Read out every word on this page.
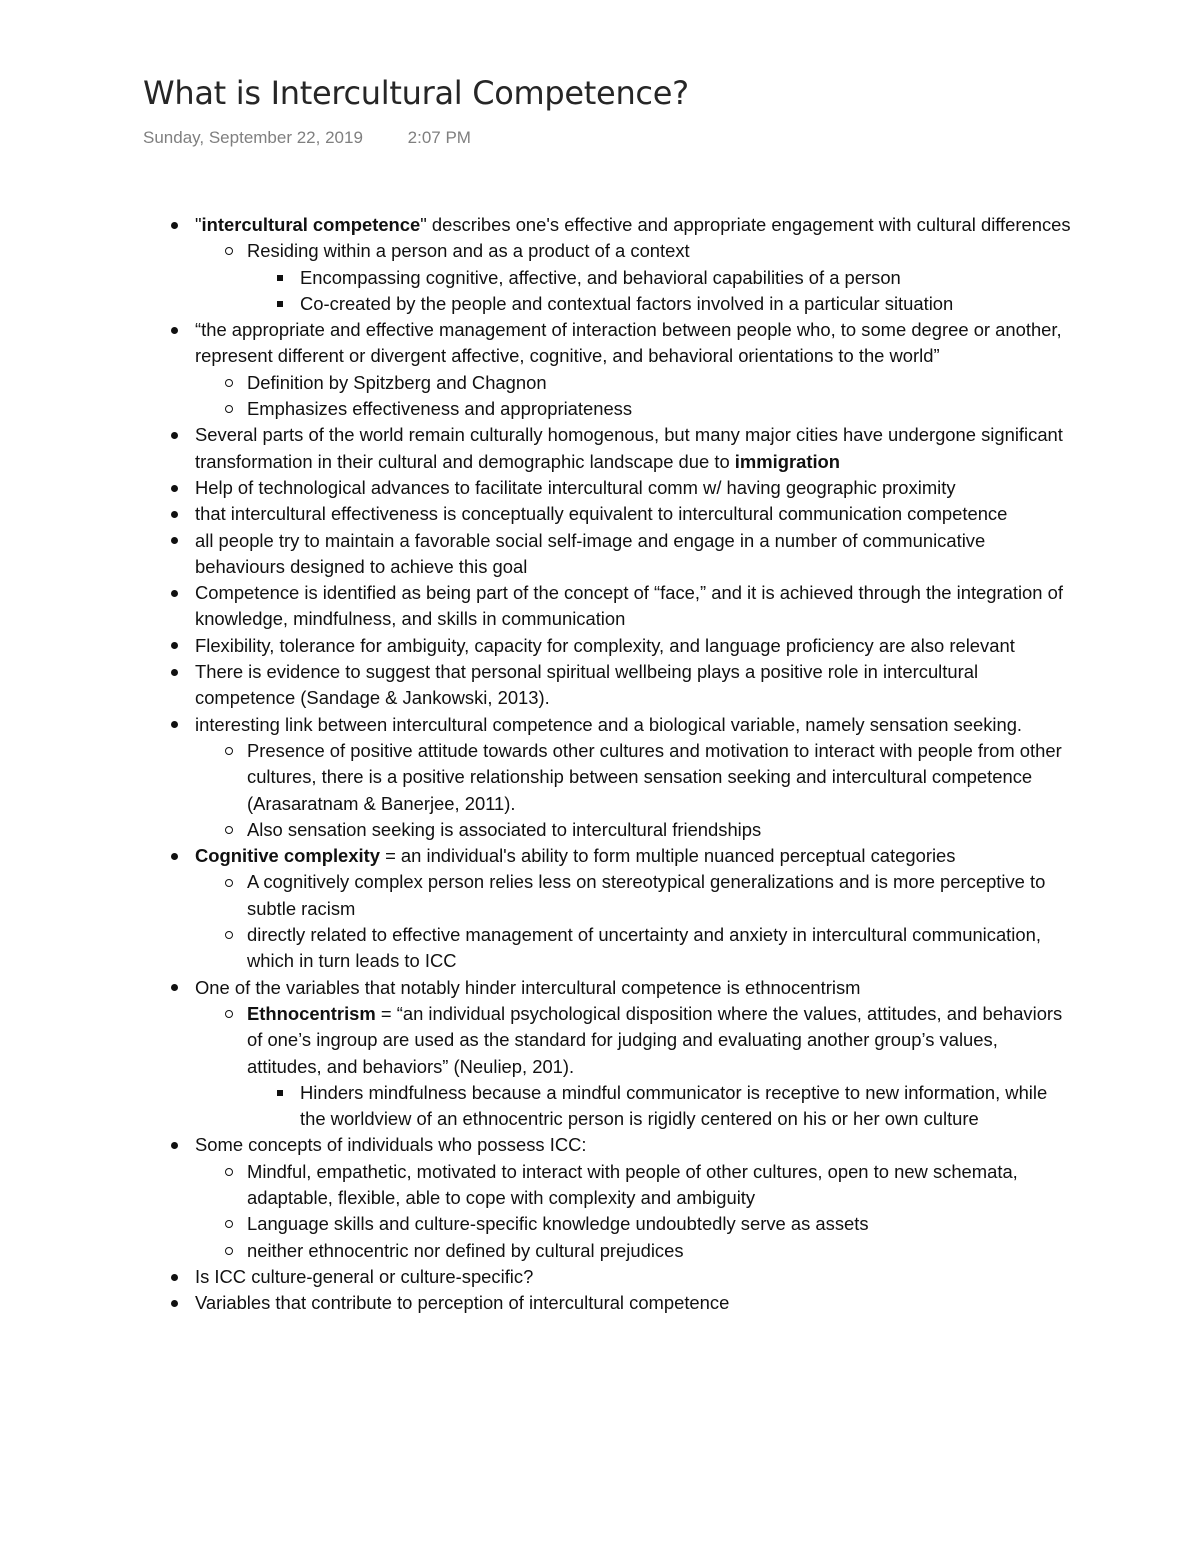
What is Intercultural Competence?
Sunday, September 22, 2019	2:07 PM
"intercultural competence" describes one's effective and appropriate engagement with cultural differences
Residing within a person and as a product of a context
Encompassing cognitive, affective, and behavioral capabilities of a person
Co-created by the people and contextual factors involved in a particular situation
“the appropriate and effective management of interaction between people who, to some degree or another, represent different or divergent affective, cognitive, and behavioral orientations to the world”
Definition by Spitzberg and Chagnon
Emphasizes effectiveness and appropriateness
Several parts of the world remain culturally homogenous, but many major cities have undergone significant transformation in their cultural and demographic landscape due to immigration
Help of technological advances to facilitate intercultural comm w/ having geographic proximity
that intercultural effectiveness is conceptually equivalent to intercultural communication competence
all people try to maintain a favorable social self-image and engage in a number of communicative behaviours designed to achieve this goal
Competence is identified as being part of the concept of “face,” and it is achieved through the integration of knowledge, mindfulness, and skills in communication
Flexibility, tolerance for ambiguity, capacity for complexity, and language proficiency are also relevant
There is evidence to suggest that personal spiritual wellbeing plays a positive role in intercultural competence (Sandage & Jankowski, 2013).
interesting link between intercultural competence and a biological variable, namely sensation seeking.
Presence of positive attitude towards other cultures and motivation to interact with people from other cultures, there is a positive relationship between sensation seeking and intercultural competence (Arasaratnam & Banerjee, 2011).
Also sensation seeking is associated to intercultural friendships
Cognitive complexity = an individual's ability to form multiple nuanced perceptual categories
A cognitively complex person relies less on stereotypical generalizations and is more perceptive to subtle racism
directly related to effective management of uncertainty and anxiety in intercultural communication, which in turn leads to ICC
One of the variables that notably hinder intercultural competence is ethnocentrism
Ethnocentrism = “an individual psychological disposition where the values, attitudes, and behaviors of one’s ingroup are used as the standard for judging and evaluating another group’s values, attitudes, and behaviors” (Neuliep, 201).
Hinders mindfulness because a mindful communicator is receptive to new information, while the worldview of an ethnocentric person is rigidly centered on his or her own culture
Some concepts of individuals who possess ICC:
Mindful, empathetic, motivated to interact with people of other cultures, open to new schemata, adaptable, flexible, able to cope with complexity and ambiguity
Language skills and culture-specific knowledge undoubtedly serve as assets
neither ethnocentric nor defined by cultural prejudices
Is ICC culture-general or culture-specific?
Variables that contribute to perception of intercultural competence
